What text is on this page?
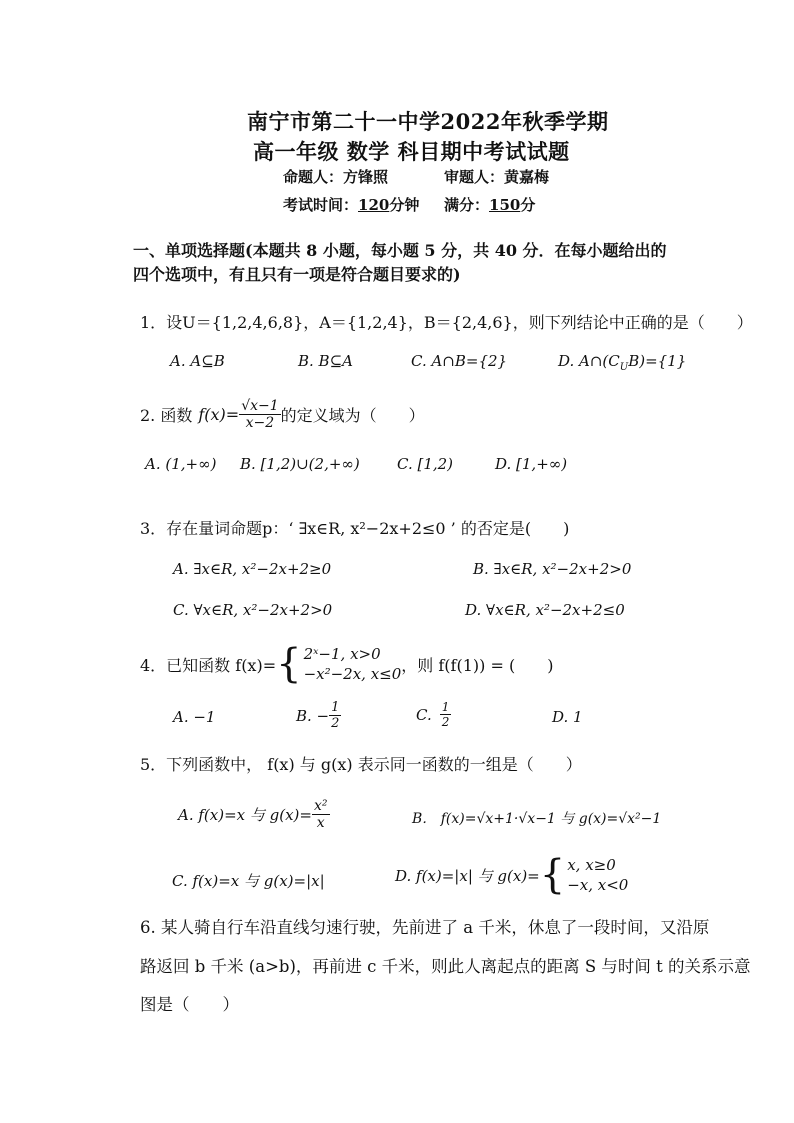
南宁市第二十一中学2022年秋季学期
高一年级 数学 科目期中考试试题
命题人：方锋照	审题人：黄嘉梅
考试时间：120分钟 满分：150分
一、单项选择题(本题共 8 小题，每小题 5 分，共 40 分．在每小题给出的
四个选项中，有且只有一项是符合题目要求的)
1．设U＝{1,2,4,6,8}，A＝{1,2,4}，B＝{2,4,6}，则下列结论中正确的是（　　）
A. A⊆B	B. B⊆A	C. A∩B={2}	D. $A\cap(C_UB)=\{1\}$
2. 函数 $f(x)= \frac{√x-1}{x-2}$ 的定义域为（　　）
A. (1,+∞) B. [1,2)∪(2,+∞) C. [1,2)	D. [1,+∞)
3．存在量词命题p：‘ ∃x∈R, x²−2x+2≤0 ’ 的否定是(　　)
A. ∃x∈R, x²−2x+2≥0	B. ∃x∈R, x²−2x+2>0
C. ∀x∈R, x²−2x+2>0	D. ∀x∈R, x²−2x+2≤0
4．已知函数 f(x)= { 2ˣ−1, x>0
−x²−2x, x≤0 ，则 f(f(1)) = (　　)
A. −1	B. − $\frac{1}{2}$	C. $\frac{1}{2}$	D. 1
5．下列函数中， f(x) 与 g(x) 表示同一函数的一组是（　　）
A. f(x)=x 与 $g(x)= \frac{\text{x²}}{x}$	B． f(x)=√x+1·√x−1 与 g(x)=√x²−1
C. f(x)=x 与 g(x)=|x|	D. f(x)=|x| 与 g(x)= { x, x≥0
−x, x<0
6. 某人骑自行车沿直线匀速行驶，先前进了 a 千米，休息了一段时间，又沿原
路返回 b 千米 (a>b)，再前进 c 千米，则此人离起点的距离 S 与时间 t 的关系示意
图是（　　）
